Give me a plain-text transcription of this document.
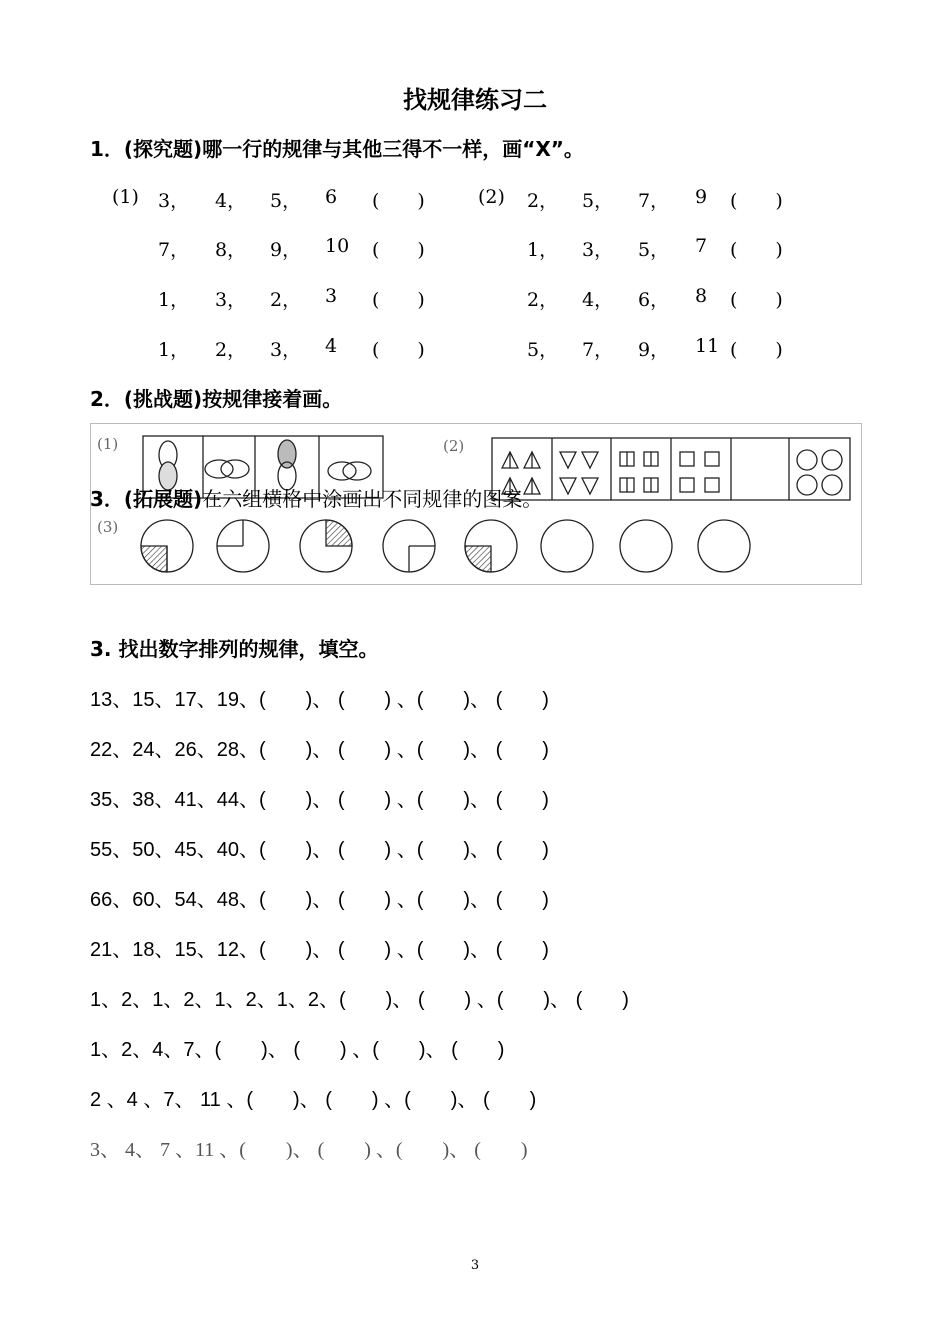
找规律练习二
1．(探究题)哪一行的规律与其他三得不一样，画“X”。
(1) 3， 4， 5， 6 (　　)
7， 8， 9， 10 (　　)
1， 3， 2， 3 (　　)
1， 2， 3， 4 (　　)
(2) 2， 5， 7， 9 (　　)
1， 3， 5， 7 (　　)
2， 4， 6， 8 (　　)
5， 7， 9， 11 (　　)
2．(挑战题)按规律接着画。
(1)	(2)
(3)
3．(拓展题)在六组横格中涂画出不同规律的图案。
3. 找出数字排列的规律，填空。
13、15、17、19、(　　)、 (　　) 、(　　)、 (　　)
22、24、26、28、(　　)、 (　　) 、(　　)、 (　　)
35、38、41、44、(　　)、 (　　) 、(　　)、 (　　)
55、50、45、40、(　　)、 (　　) 、(　　)、 (　　)
66、60、54、48、(　　)、 (　　) 、(　　)、 (　　)
21、18、15、12、(　　)、 (　　) 、(　　)、 (　　)
1、2、1、2、1、2、1、2、(　　)、 (　　) 、(　　)、 (　　)
1、2、4、7、(　　)、 (　　) 、(　　)、 (　　)
2 、4 、7、 11 、(　　)、 (　　) 、(　　)、 (　　)
3、 4、 7 、11 、(　　)、 (　　) 、(　　)、 (　　)
3
